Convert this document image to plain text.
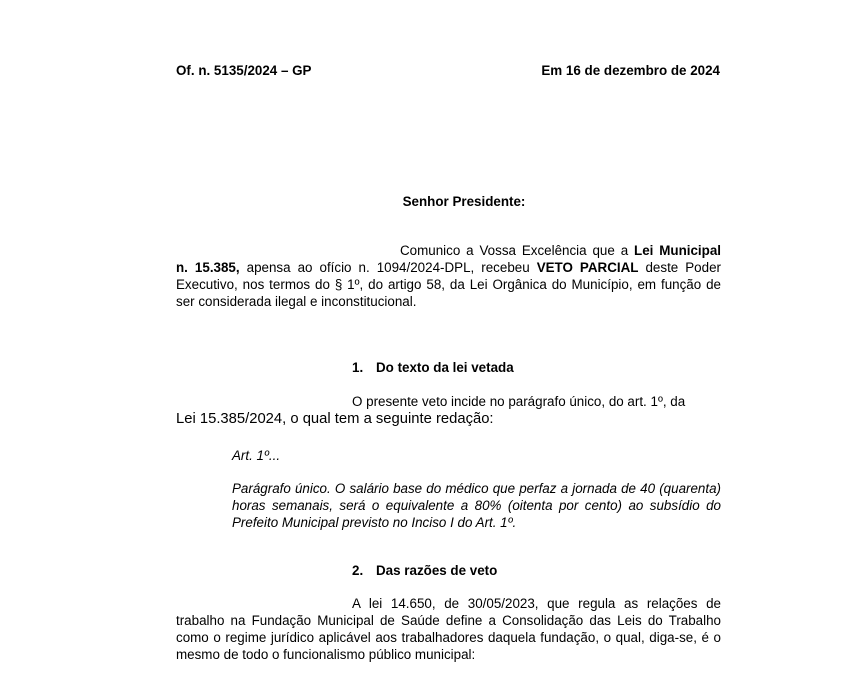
Of. n. 5135/2024 – GP	Em 16 de dezembro de 2024
Senhor Presidente:

Comunico a Vossa Excelência que a Lei Municipal n. 15.385, apensa ao ofício n. 1094/2024-DPL, recebeu VETO PARCIAL deste Poder Executivo, nos termos do § 1º, do artigo 58, da Lei Orgânica do Município, em função de ser considerada ilegal e inconstitucional.

1. Do texto da lei vetada

O presente veto incide no parágrafo único, do art. 1º, da

Lei 15.385/2024, o qual tem a seguinte redação:

Art. 1º...
Parágrafo único. O salário base do médico que perfaz a jornada de 40 (quarenta) horas semanais, será o equivalente a 80% (oitenta por cento) ao subsídio do Prefeito Municipal previsto no Inciso I do Art. 1º.
2. Das razões de veto

A lei 14.650, de 30/05/2023, que regula as relações de trabalho na Fundação Municipal de Saúde define a Consolidação das Leis do Trabalho como o regime jurídico aplicável aos trabalhadores daquela fundação, o qual, diga-se, é o mesmo de todo o funcionalismo público municipal:
